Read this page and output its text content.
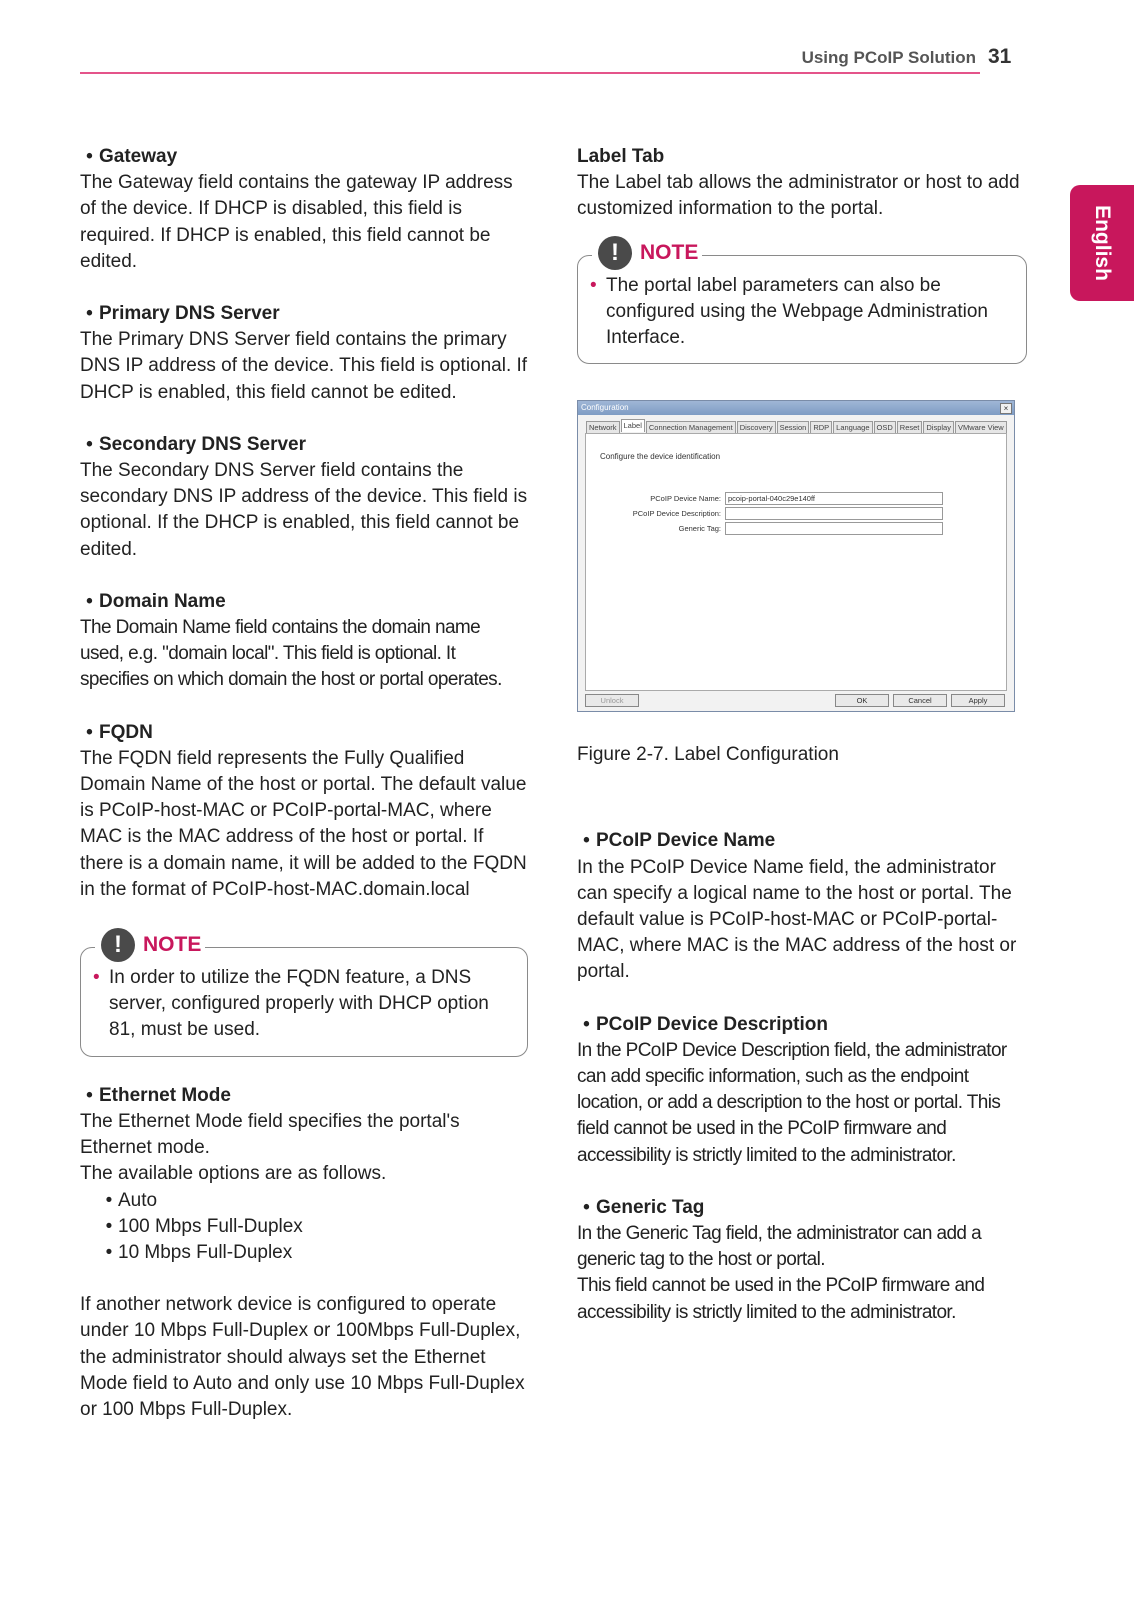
Using PCoIP Solution 31
English
• Gateway

The Gateway field contains the gateway IP address of the device. If DHCP is disabled, this field is required. If DHCP is enabled, this field cannot be edited.

• Primary DNS Server

The Primary DNS Server field contains the primary DNS IP address of the device. This field is optional. If DHCP is enabled, this field cannot be edited.

• Secondary DNS Server

The Secondary DNS Server field contains the secondary DNS IP address of the device. This field is optional. If the DHCP is enabled, this field cannot be edited.

• Domain Name

The Domain Name field contains the domain name used, e.g. "domain local". This field is optional. It specifies on which domain the host or portal operates.

• FQDN

The FQDN field represents the Fully Qualified Domain Name of the host or portal. The default value is PCoIP-host-MAC or PCoIP-portal-MAC, where MAC is the MAC address of the host or portal. If there is a domain name, it will be added to the FQDN in the format of PCoIP-host-MAC.domain.local

!	NOTE
• In order to utilize the FQDN feature, a DNS server, configured properly with DHCP option 81, must be used.
• Ethernet Mode

The Ethernet Mode field specifies the portal's Ethernet mode.

The available options are as follows.

• Auto
• 100 Mbps Full-Duplex
• 10 Mbps Full-Duplex

If another network device is configured to operate under 10 Mbps Full-Duplex or 100Mbps Full-Duplex, the administrator should always set the Ethernet Mode field to Auto and only use 10 Mbps Full-Duplex or 100 Mbps Full-Duplex.

Label Tab

The Label tab allows the administrator or host to add customized information to the portal.

!	NOTE
• The portal label parameters can also be configured using the Webpage Administration Interface.
Configuration	×
Network Label Connection Management Discovery Session RDP Language OSD Reset Display VMware View
Configure the device identification
PCoIP Device Name: pcoip-portal-040c29e140ff
PCoIP Device Description:
Generic Tag:
Unlock	OK	Cancel	Apply

Figure 2-7. Label Configuration

• PCoIP Device Name

In the PCoIP Device Name field, the administrator can specify a logical name to the host or portal. The default value is PCoIP-host-MAC or PCoIP-portal-MAC, where MAC is the MAC address of the host or portal.

• PCoIP Device Description

In the PCoIP Device Description field, the administrator can add specific information, such as the endpoint location, or add a description to the host or portal. This field cannot be used in the PCoIP firmware and accessibility is strictly limited to the administrator.

• Generic Tag

In the Generic Tag field, the administrator can add a generic tag to the host or portal.

This field cannot be used in the PCoIP firmware and accessibility is strictly limited to the administrator.
